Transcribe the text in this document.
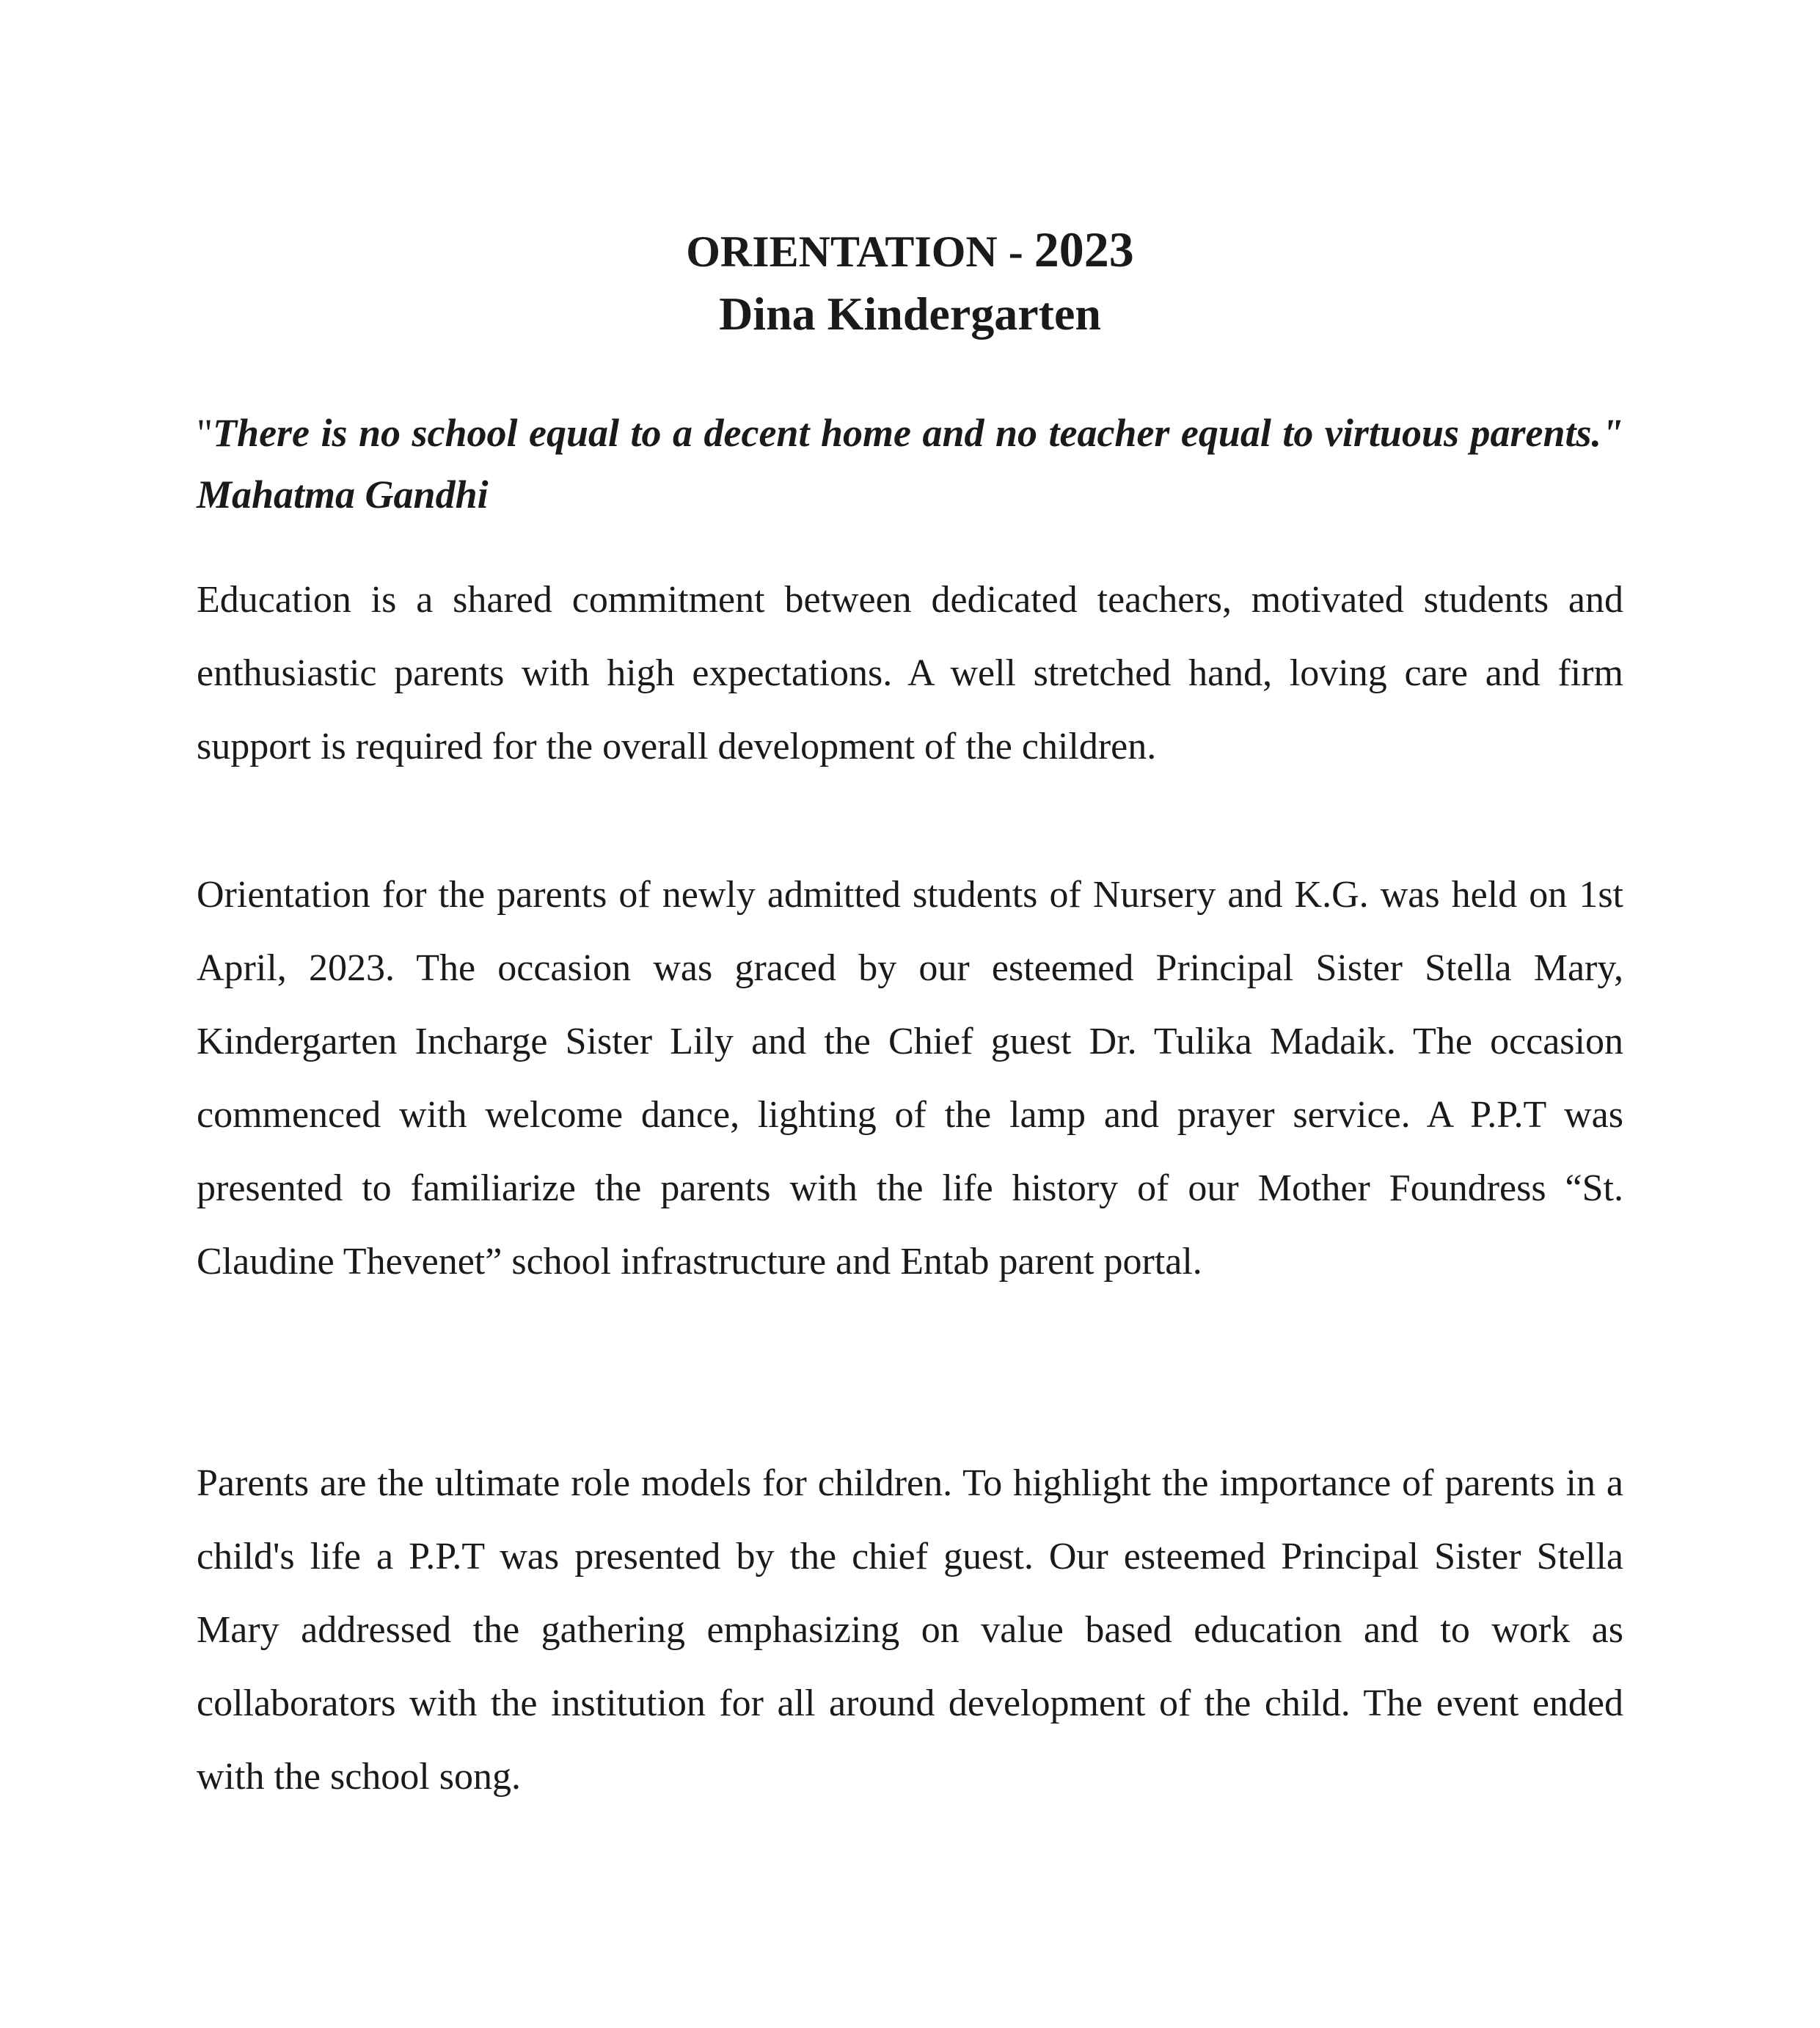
ORIENTATION - 2023
Dina Kindergarten

"There is no school equal to a decent home and no teacher equal to virtuous parents." Mahatma Gandhi

Education is a shared commitment between dedicated teachers, motivated students and enthusiastic parents with high expectations. A well stretched hand, loving care and firm support is required for the overall development of the children.

Orientation for the parents of newly admitted students of Nursery and K.G. was held on 1st April, 2023. The occasion was graced by our esteemed Principal Sister Stella Mary, Kindergarten Incharge Sister Lily and the Chief guest Dr. Tulika Madaik. The occasion commenced with welcome dance, lighting of the lamp and prayer service. A P.P.T was presented to familiarize the parents with the life history of our Mother Foundress “St. Claudine Thevenet” school infrastructure and Entab parent portal.

Parents are the ultimate role models for children. To highlight the importance of parents in a child's life a P.P.T was presented by the chief guest. Our esteemed Principal Sister Stella Mary addressed the gathering emphasizing on value based education and to work as collaborators with the institution for all around development of the child. The event ended with the school song.
